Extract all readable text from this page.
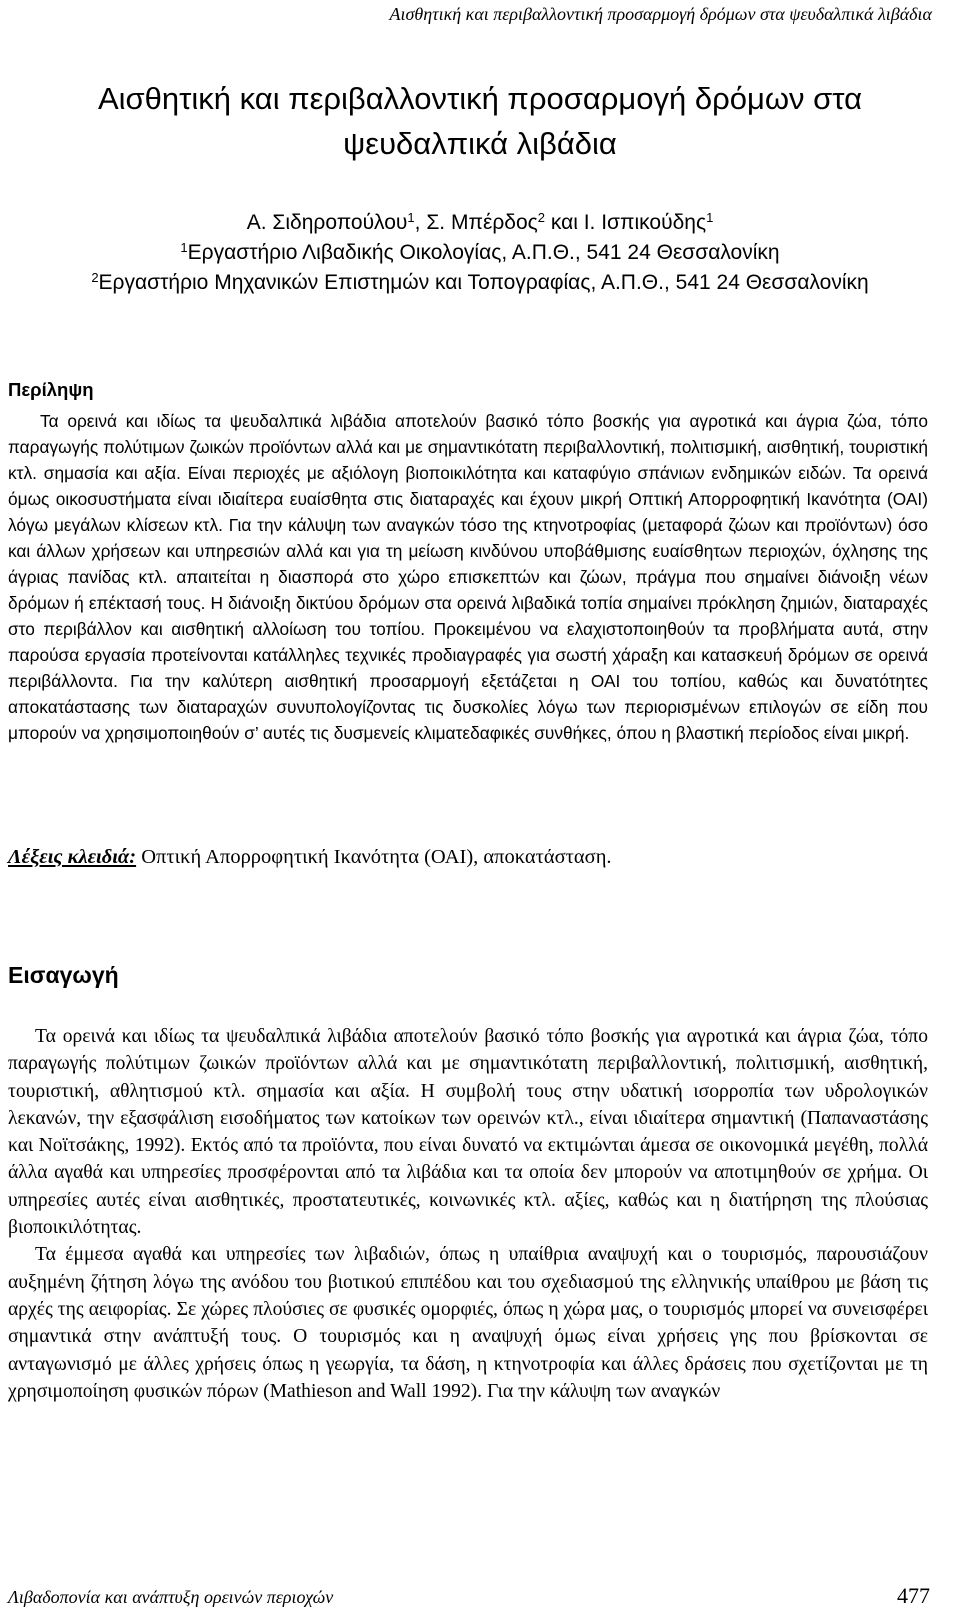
Αισθητική και περιβαλλοντική προσαρμογή δρόμων στα ψευδαλπικά λιβάδια
Αισθητική και περιβαλλοντική προσαρμογή δρόμων στα
ψευδαλπικά λιβάδια
Α. Σιδηροπούλου$^1$, Σ. Μπέρδος$^2$ και Ι. Ισπικούδης$^1$
$^1$Εργαστήριο Λιβαδικής Οικολογίας, Α.Π.Θ., 541 24 Θεσσαλονίκη
$^2$Εργαστήριο Μηχανικών Επιστημών και Τοπογραφίας, Α.Π.Θ., 541 24 Θεσσαλονίκη
Περίληψη

Τα ορεινά και ιδίως τα ψευδαλπικά λιβάδια αποτελούν βασικό τόπο βοσκής για αγροτικά και άγρια ζώα, τόπο παραγωγής πολύτιμων ζωικών προϊόντων αλλά και με σημαντικότατη περιβαλλοντική, πολιτισμική, αισθητική, τουριστική κτλ. σημασία και αξία. Είναι περιοχές με αξιόλογη βιοποικιλότητα και καταφύγιο σπάνιων ενδημικών ειδών. Τα ορεινά όμως οικοσυστήματα είναι ιδιαίτερα ευαίσθητα στις διαταραχές και έχουν μικρή Οπτική Απορροφητική Ικανότητα (ΟΑΙ) λόγω μεγάλων κλίσεων κτλ. Για την κάλυψη των αναγκών τόσο της κτηνοτροφίας (μεταφορά ζώων και προϊόντων) όσο και άλλων χρήσεων και υπηρεσιών αλλά και για τη μείωση κινδύνου υποβάθμισης ευαίσθητων περιοχών, όχλησης της άγριας πανίδας κτλ. απαιτείται η διασπορά στο χώρο επισκεπτών και ζώων, πράγμα που σημαίνει διάνοιξη νέων δρόμων ή επέκτασή τους. Η διάνοιξη δικτύου δρόμων στα ορεινά λιβαδικά τοπία σημαίνει πρόκληση ζημιών, διαταραχές στο περιβάλλον και αισθητική αλλοίωση του τοπίου. Προκειμένου να ελαχιστοποιηθούν τα προβλήματα αυτά, στην παρούσα εργασία προτείνονται κατάλληλες τεχνικές προδιαγραφές για σωστή χάραξη και κατασκευή δρόμων σε ορεινά περιβάλλοντα. Για την καλύτερη αισθητική προσαρμογή εξετάζεται η ΟΑΙ του τοπίου, καθώς και δυνατότητες αποκατάστασης των διαταραχών συνυπολογίζοντας τις δυσκολίες λόγω των περιορισμένων επιλογών σε είδη που μπορούν να χρησιμοποιηθούν σ’ αυτές τις δυσμενείς κλιματεδαφικές συνθήκες, όπου η βλαστική περίοδος είναι μικρή.

Λέξεις κλειδιά: Οπτική Απορροφητική Ικανότητα (ΟΑΙ), αποκατάσταση.
Εισαγωγή

Τα ορεινά και ιδίως τα ψευδαλπικά λιβάδια αποτελούν βασικό τόπο βοσκής για αγροτικά και άγρια ζώα, τόπο παραγωγής πολύτιμων ζωικών προϊόντων αλλά και με σημαντικότατη περιβαλλοντική, πολιτισμική, αισθητική, τουριστική, αθλητισμού κτλ. σημασία και αξία. Η συμβολή τους στην υδατική ισορροπία των υδρολογικών λεκανών, την εξασφάλιση εισοδήματος των κατοίκων των ορεινών κτλ., είναι ιδιαίτερα σημαντική (Παπαναστάσης και Νοϊτσάκης, 1992). Εκτός από τα προϊόντα, που είναι δυνατό να εκτιμώνται άμεσα σε οικονομικά μεγέθη, πολλά άλλα αγαθά και υπηρεσίες προσφέρονται από τα λιβάδια και τα οποία δεν μπορούν να αποτιμηθούν σε χρήμα. Οι υπηρεσίες αυτές είναι αισθητικές, προστατευτικές, κοινωνικές κτλ. αξίες, καθώς και η διατήρηση της πλούσιας βιοποικιλότητας.

Τα έμμεσα αγαθά και υπηρεσίες των λιβαδιών, όπως η υπαίθρια αναψυχή και ο τουρισμός, παρουσιάζουν αυξημένη ζήτηση λόγω της ανόδου του βιοτικού επιπέδου και του σχεδιασμού της ελληνικής υπαίθρου με βάση τις αρχές της αειφορίας. Σε χώρες πλούσιες σε φυσικές ομορφιές, όπως η χώρα μας, ο τουρισμός μπορεί να συνεισφέρει σημαντικά στην ανάπτυξή τους. Ο τουρισμός και η αναψυχή όμως είναι χρήσεις γης που βρίσκονται σε ανταγωνισμό με άλλες χρήσεις όπως η γεωργία, τα δάση, η κτηνοτροφία και άλλες δράσεις που σχετίζονται με τη χρησιμοποίηση φυσικών πόρων (Mathieson and Wall 1992). Για την κάλυψη των αναγκών

Λιβαδοπονία και ανάπτυξη ορεινών περιοχών	477
